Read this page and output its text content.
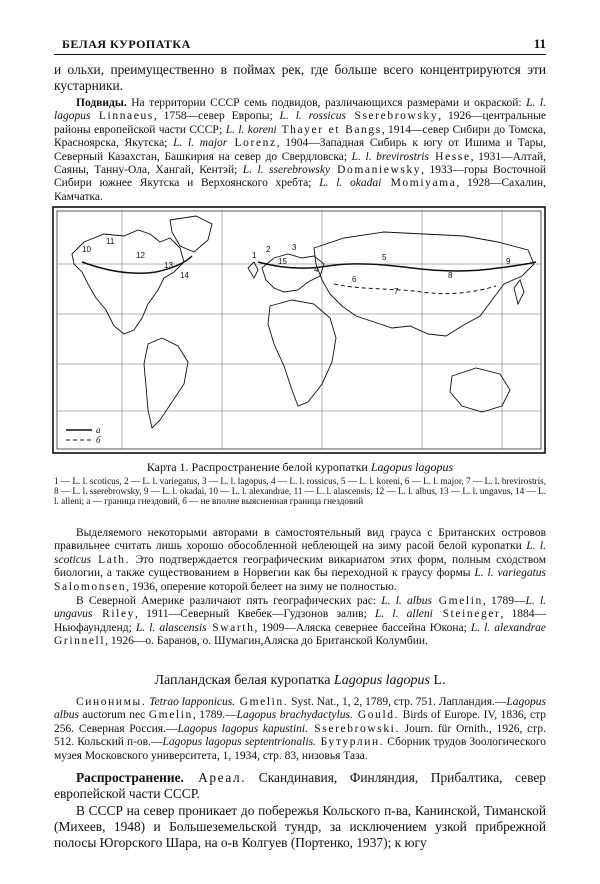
БЕЛАЯ КУРОПАТКА	11
и ольхи, преимущественно в поймах рек, где больше всего концентрируются эти кустарники.
Подвиды. На территории СССР семь подвидов, различающихся размерами и окраской: L. l. lagopus Linnaeus, 1758—север Европы; L. l. rossicus Sserebrowsky, 1926—центральные районы европейской части СССР; L. l. koreni Thayer et Bangs, 1914—север Сибири до Томска, Красноярска, Якутска; L. l. major Lorenz, 1904—Западная Сибирь к югу от Ишима и Тары, Северный Казахстан, Башкирия на север до Свердловска; L. l. brevirostris Hesse, 1931—Алтай, Саяны, Танну-Ола, Хангай, Кентэй; L. l. sserebrowsky Domaniewsky, 1933—горы Восточной Сибири южнее Якутска и Верхоянского хребта; L. l. okadai Momiyama, 1928—Сахалин, Камчатка.
1
2	3
4
5
6
7
8
9
10
11
12
13
14
15
а
б
Карта 1. Распространение белой куропатки Lagopus lagopus
1 — L. l. scoticus, 2 — L. l. variegatus, 3 — L. l. lagopus, 4 — L. l. rossicus, 5 — L. l. koreni, 6 — L. l. major, 7 — L. l. brevirostris, 8 — L. l. sserebrowsky, 9 — L. l. okadai, 10 — L. l. alexandrae, 11 — L. l. alascensis, 12 — L. l. albus, 13 — L. l. ungavus, 14 — L. l. alleni; а — граница гнездовий, б — не вполне выясненная граница гнездовий
Выделяемого некоторыми авторами в самостоятельный вид грауса с Британских островов правильнее считать лишь хорошо обособленной неблеющей на зиму расой белой куропатки L. l. scoticus Lath. Это подтверждается географическим викариатом этих форм, полным сходством биологии, а также существованием в Норвегии как бы переходной к граусу формы L. l. variegatus Salomonsen, 1936, оперение которой белеет на зиму не полностью.
В Северной Америке различают пять географических рас: L. l. albus Gmelin, 1789—L. l. ungavus Riley, 1911—Северный Квебек—Гудзонов залив; L. l. alleni Steineger, 1884—Ньюфаундленд; L. l. alascensis Swarth, 1909—Аляска севернее бассейна Юкона; L. l. alexandrae Grinnell, 1926—о. Баранов, о. Шумагин,Аляска до Британской Колумбии.
Лапландская белая куропатка Lagopus lagopus L.
Синонимы. Tetrao lapponicus. Gmelin. Syst. Nat., 1, 2, 1789, стр. 751. Лапландия.—Lagopus albus auctorum nec Gmelin, 1789.—Lagopus brachydactylus. Gould. Birds of Europe. IV, 1836, стр 256. Северная Россия.—Lagopus lagopus kapustini. Sserebrowski. Journ. für Ornith., 1926, стр. 512. Кольский п-ов.—Lagopus lagopus septentrionalis. Бутурлин. Сборник трудов Зоологического музея Московского университета, 1, 1934, стр. 83, низовья Таза.
Распространение. Ареал. Скандинавия, Финляндия, Прибалтика, север европейской части СССР.
В СССР на север проникает до побережья Кольского п-ва, Канинской, Тиманской (Михеев, 1948) и Большеземельской тундр, за исключением узкой прибрежной полосы Югорского Шара, на о-в Колгуев (Портенко, 1937); к югу
